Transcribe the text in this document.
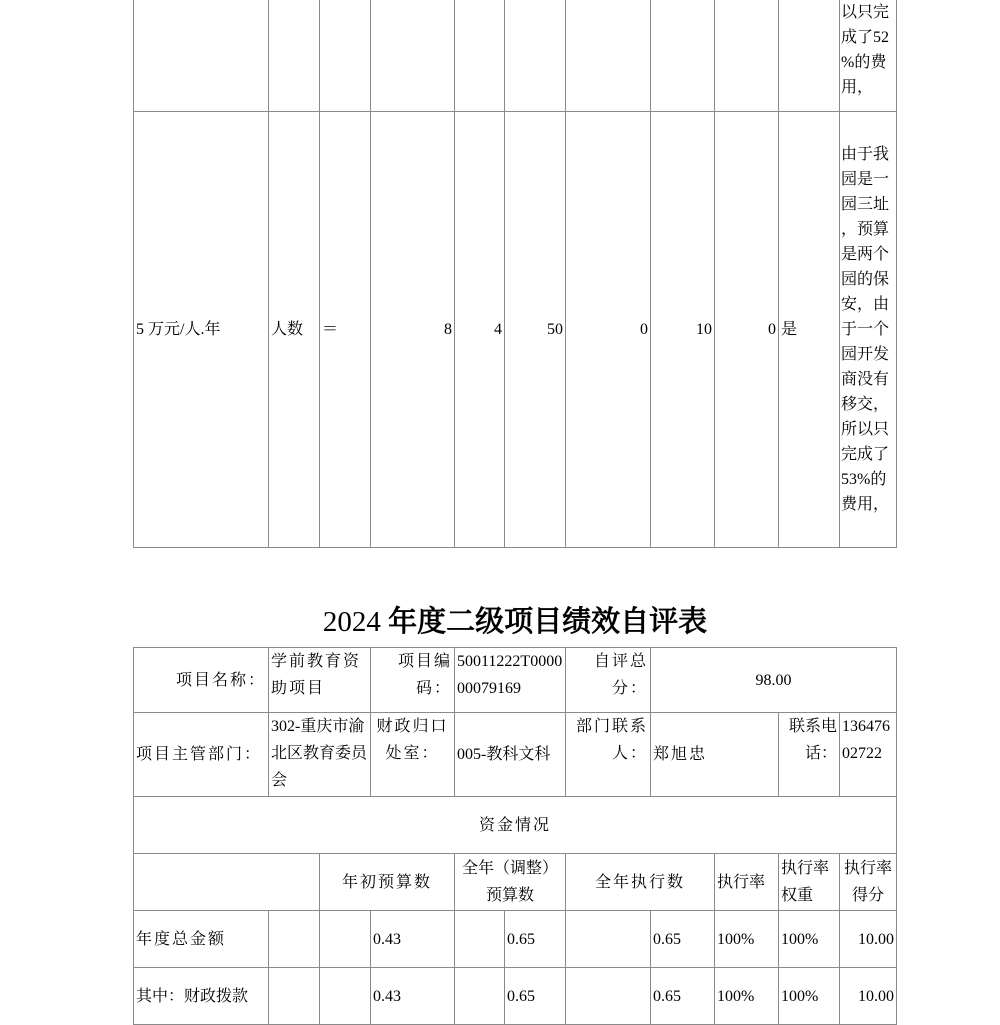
										以只完成了52%的费用，
5 万元/人.年	人数	＝	8	4	50	0	10	0	是	由于我园是一园三址，预算是两个园的保安，由于一个园开发商没有移交，所以只完成了53%的费用，
2024 年度二级项目绩效自评表
项目名称：	学前教育资助项目		项目编码：	50011222T000000079169		自评总分：	98.00			
项目主管部门：	302-重庆市渝北区教育委员会		财政归口处室：	005-教科文科		部门联系人：	郑旭忠		联系电话：	13647602722
资金情况										
		年初预算数		全年（调整）预算数		全年执行数		执行率	执行率权重	执行率得分
年度总金额			0.43		0.65		0.65	100%	100%	10.00
其中：财政拨款			0.43		0.65		0.65	100%	100%	10.00
